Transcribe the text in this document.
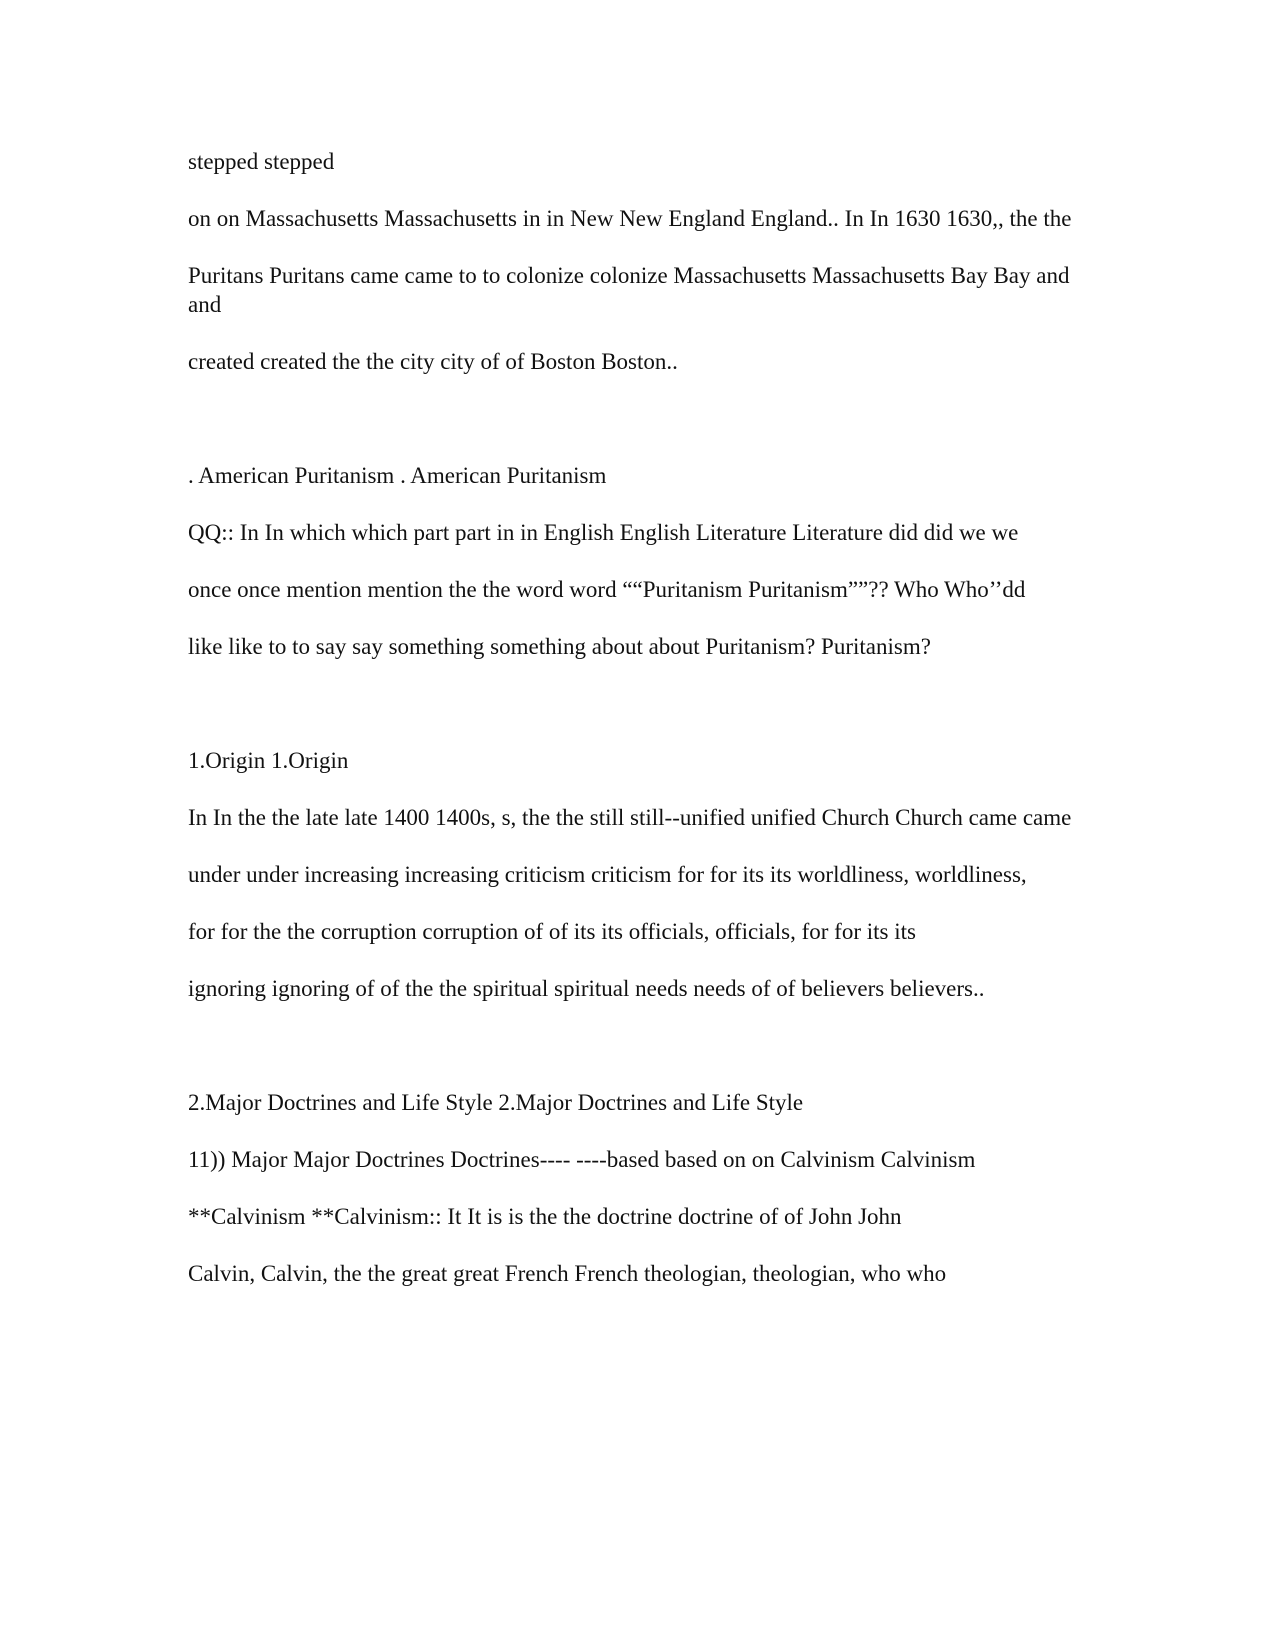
stepped stepped

on on Massachusetts Massachusetts in in New New England England.. In In 1630 1630,, the the

Puritans Puritans came came to to colonize colonize Massachusetts Massachusetts Bay Bay and and

created created the the city city of of Boston Boston..

. American Puritanism . American Puritanism

QQ:: In In which which part part in in English English Literature Literature did did we we

once once mention mention the the word word ““Puritanism Puritanism””?? Who Who’’dd

like like to to say say something something about about Puritanism? Puritanism?

1.Origin 1.Origin

In In the the late late 1400 1400s, s, the the still still--unified unified Church Church came came

under under increasing increasing criticism criticism for for its its worldliness, worldliness,

for for the the corruption corruption of of its its officials, officials, for for its its

ignoring ignoring of of the the spiritual spiritual needs needs of of believers believers..

2.Major Doctrines and Life Style 2.Major Doctrines and Life Style

11)) Major Major Doctrines Doctrines---- ----based based on on Calvinism Calvinism

**Calvinism **Calvinism:: It It is is the the doctrine doctrine of of John John

Calvin, Calvin, the the great great French French theologian, theologian, who who
